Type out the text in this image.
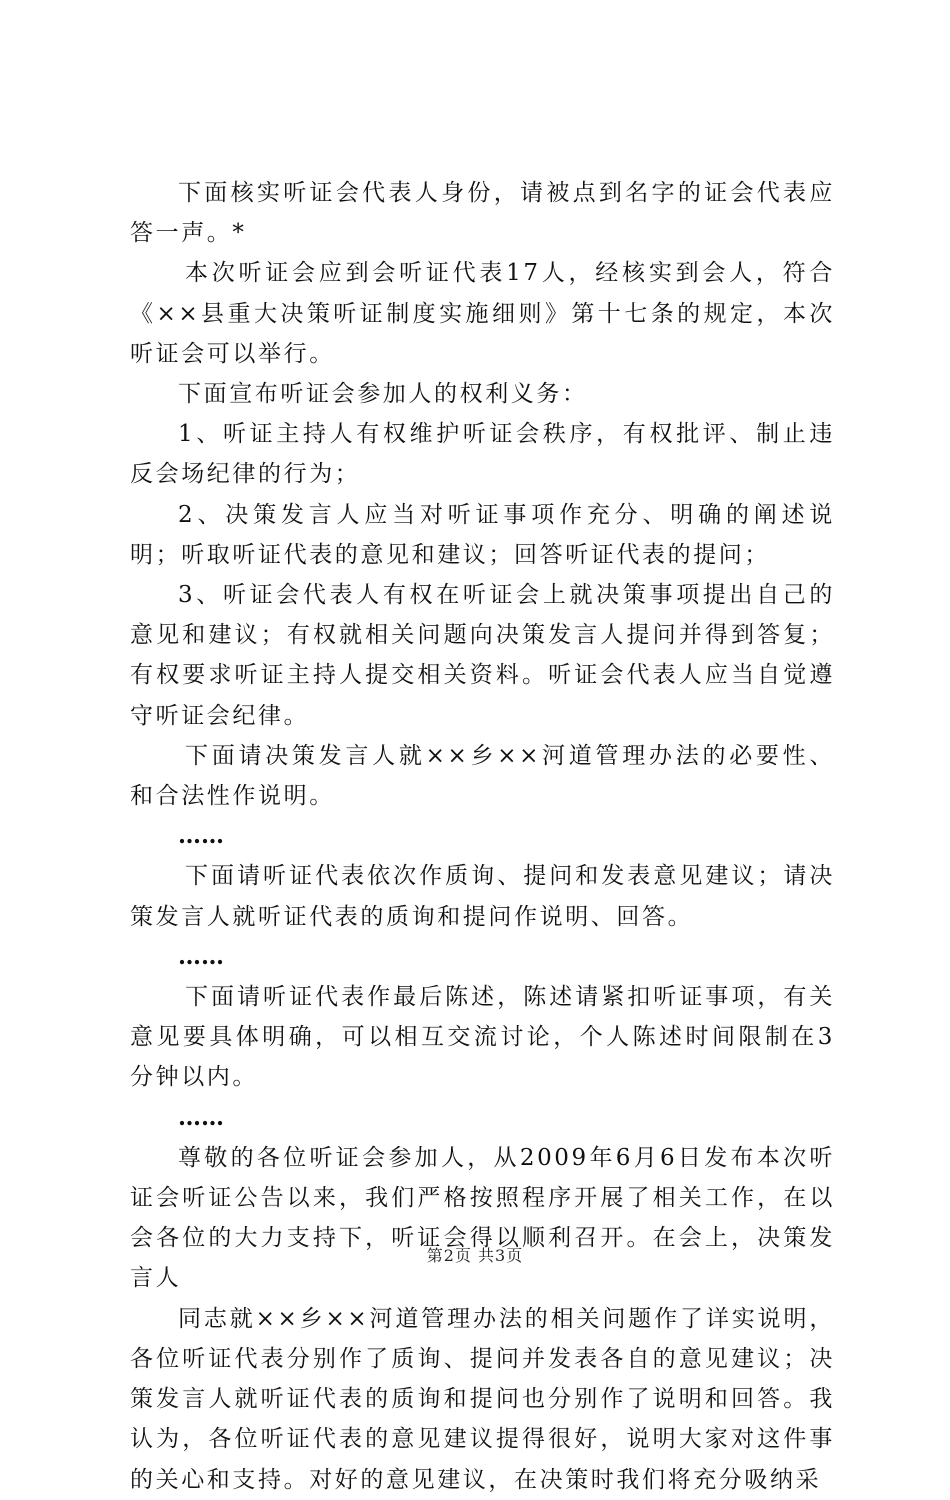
下面核实听证会代表人身份，请被点到名字的证会代表应答一声。*

本次听证会应到会听证代表17人，经核实到会人，符合《××县重大决策听证制度实施细则》第十七条的规定，本次听证会可以举行。

下面宣布听证会参加人的权利义务：

1、听证主持人有权维护听证会秩序，有权批评、制止违反会场纪律的行为；

2、决策发言人应当对听证事项作充分、明确的阐述说明；听取听证代表的意见和建议；回答听证代表的提问；

3、听证会代表人有权在听证会上就决策事项提出自己的意见和建议；有权就相关问题向决策发言人提问并得到答复；有权要求听证主持人提交相关资料。听证会代表人应当自觉遵守听证会纪律。

下面请决策发言人就××乡××河道管理办法的必要性、和合法性作说明。

……

下面请听证代表依次作质询、提问和发表意见建议；请决策发言人就听证代表的质询和提问作说明、回答。

……

下面请听证代表作最后陈述，陈述请紧扣听证事项，有关意见要具体明确，可以相互交流讨论，个人陈述时间限制在3分钟以内。

……

尊敬的各位听证会参加人，从2009年6月6日发布本次听证会听证公告以来，我们严格按照程序开展了相关工作，在以会各位的大力支持下，听证会得以顺利召开。在会上，决策发言人

同志就××乡××河道管理办法的相关问题作了详实说明，各位听证代表分别作了质询、提问并发表各自的意见建议；决策发言人就听证代表的质询和提问也分别作了说明和回答。我认为，各位听证代表的意见建议提得很好，说明大家对这件事的关心和支持。对好的意见建议，在决策时我们将充分吸纳采

第2页 共3页
